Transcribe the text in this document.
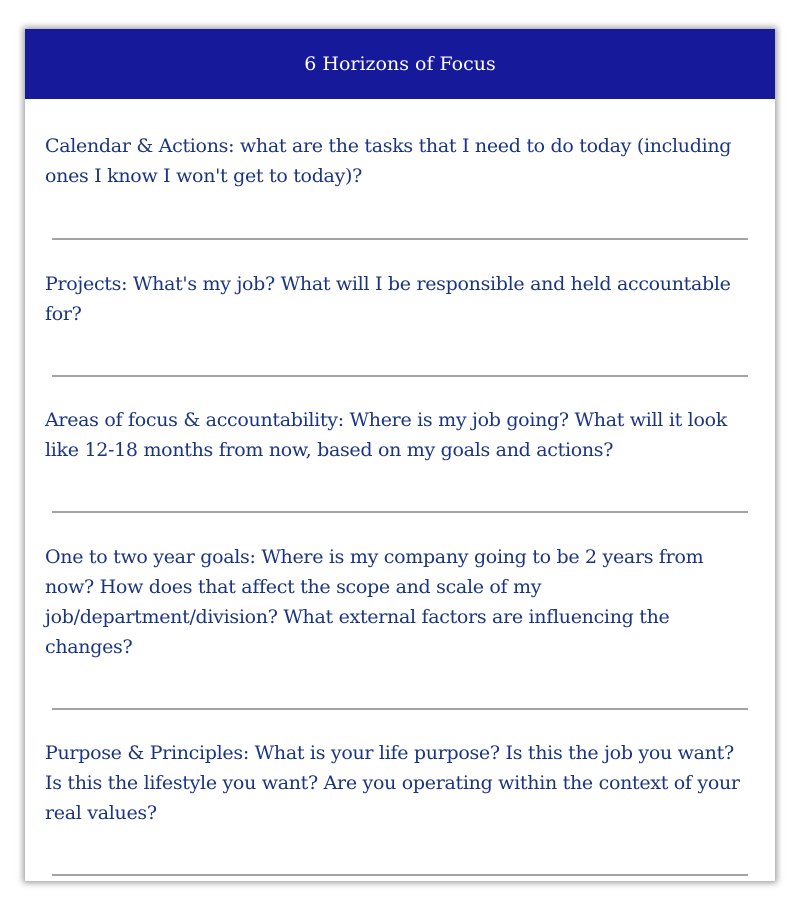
6 Horizons of Focus

Calendar & Actions: what are the tasks that I need to do today (including ones I know I won't get to today)?

Projects: What's my job? What will I be responsible and held accountable for?

Areas of focus & accountability: Where is my job going? What will it look like 12-18 months from now, based on my goals and actions?

One to two year goals: Where is my company going to be 2 years from now? How does that affect the scope and scale of my job/department/division? What external factors are influencing the changes?

Purpose & Principles: What is your life purpose? Is this the job you want? Is this the lifestyle you want? Are you operating within the context of your real values?
